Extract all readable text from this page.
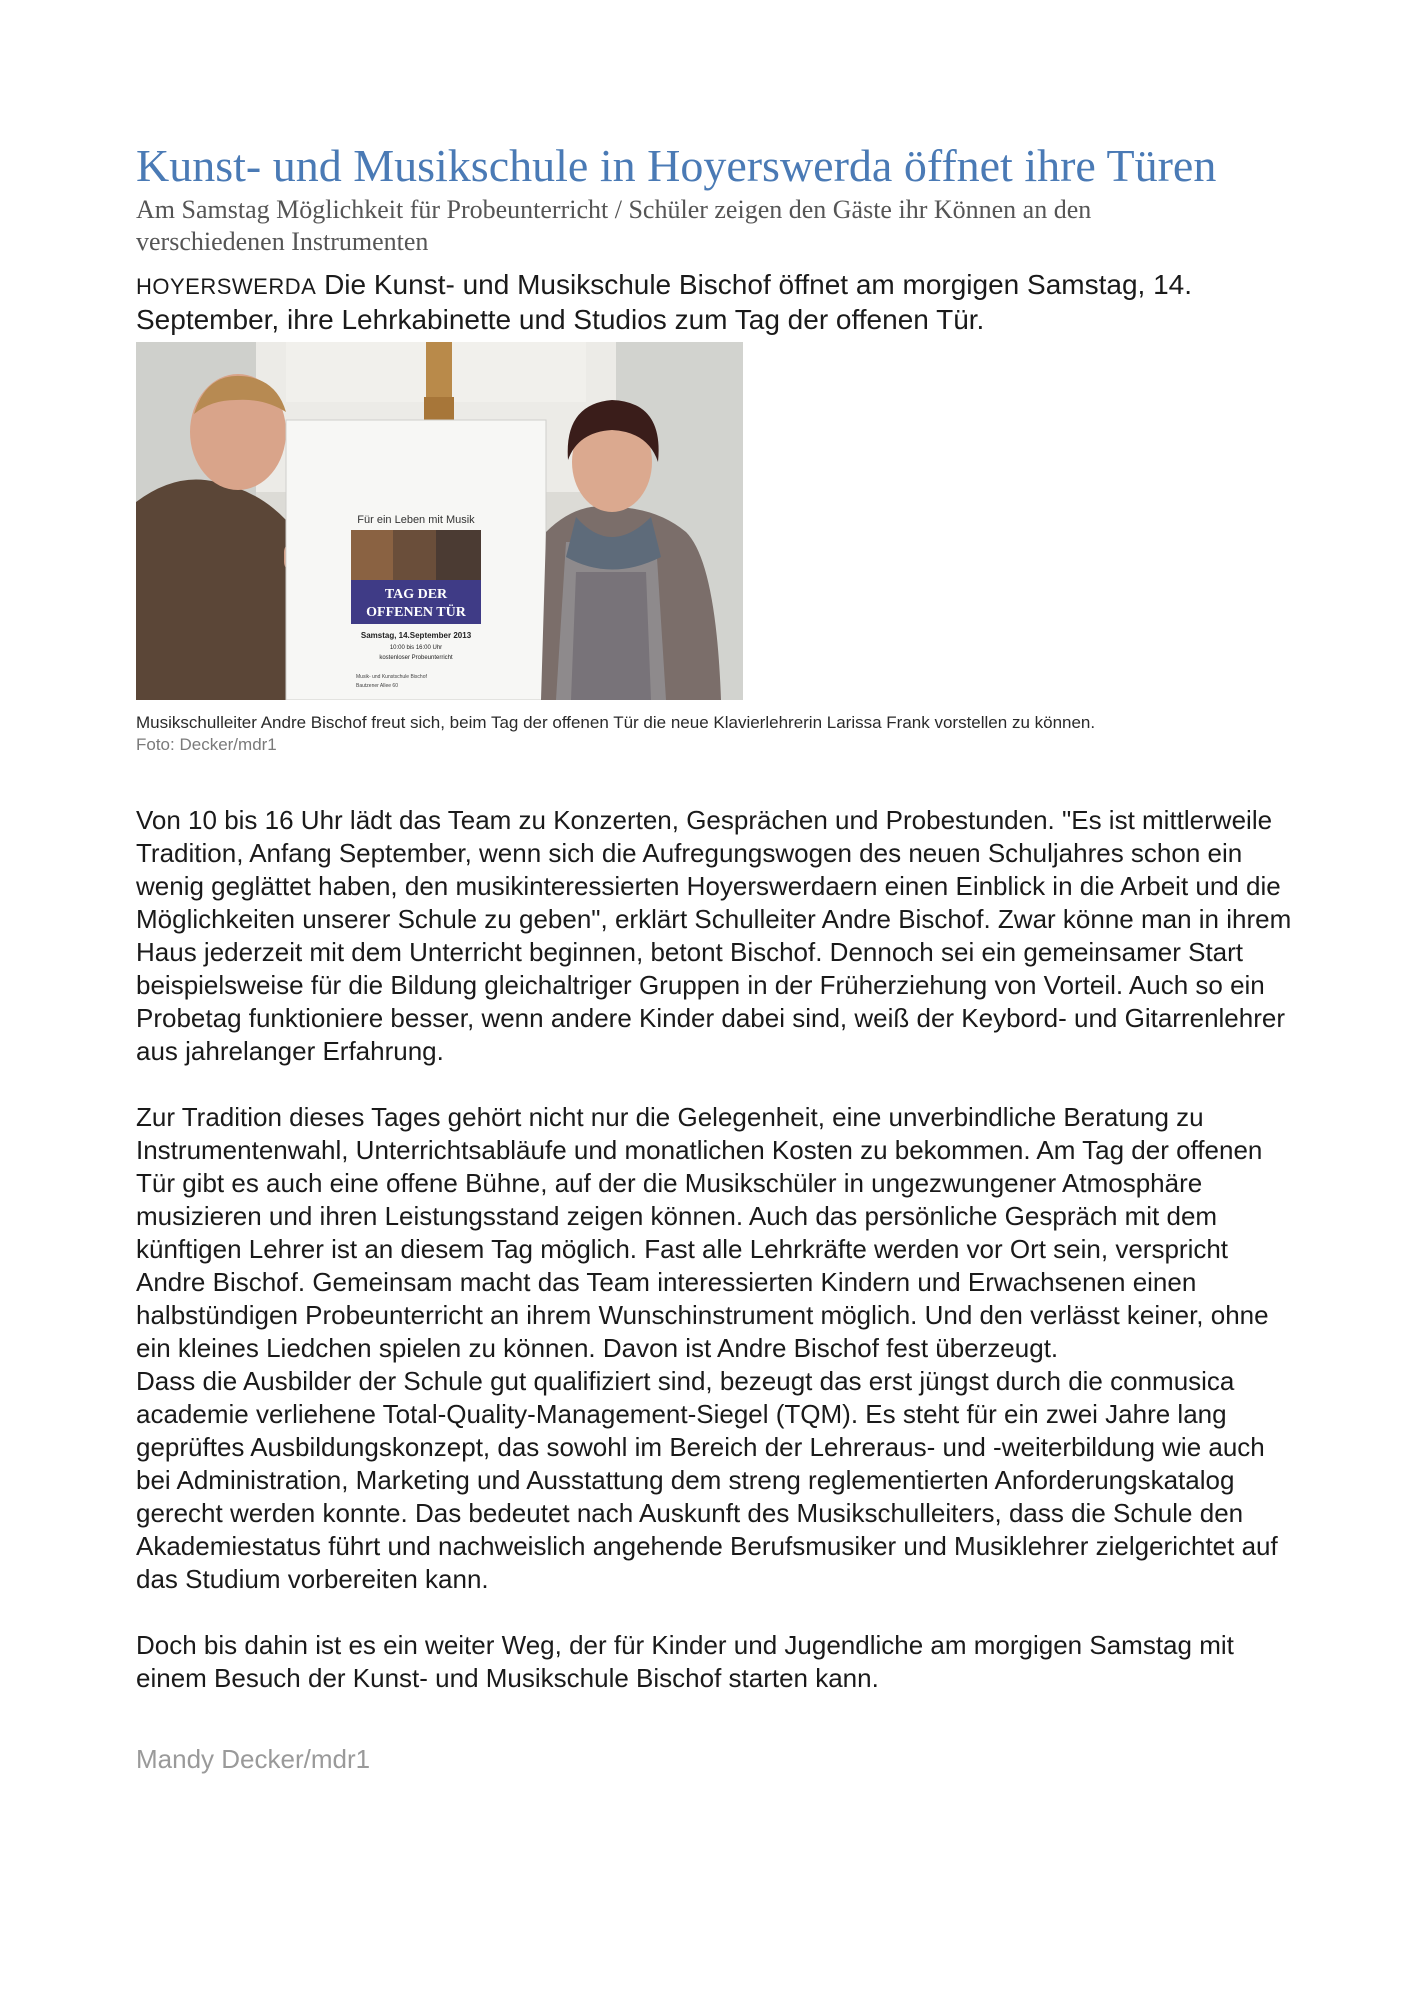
Kunst- und Musikschule in Hoyerswerda öffnet ihre Türen

Am Samstag Möglichkeit für Probeunterricht / Schüler zeigen den Gäste ihr Können an den verschiedenen Instrumenten

HOYERSWERDA Die Kunst- und Musikschule Bischof öffnet am morgigen Samstag, 14. September, ihre Lehrkabinette und Studios zum Tag der offenen Tür.

Für ein Leben mit Musik
TAG DER
OFFENEN TÜR
Samstag, 14.September 2013
10:00 bis 16:00 Uhr
kostenloser Probeunterricht
Musik- und Kunstschule Bischof
Bautzener Allee 60

Musikschulleiter Andre Bischof freut sich, beim Tag der offenen Tür die neue Klavierlehrerin Larissa Frank vorstellen zu können.

Foto: Decker/mdr1

Von 10 bis 16 Uhr lädt das Team zu Konzerten, Gesprächen und Probestunden. "Es ist mittlerweile Tradition, Anfang September, wenn sich die Aufregungswogen des neuen Schuljahres schon ein wenig geglättet haben, den musikinteressierten Hoyerswerdaern einen Einblick in die Arbeit und die Möglichkeiten unserer Schule zu geben", erklärt Schulleiter Andre Bischof. Zwar könne man in ihrem Haus jederzeit mit dem Unterricht beginnen, betont Bischof. Dennoch sei ein gemeinsamer Start beispielsweise für die Bildung gleichaltriger Gruppen in der Früherziehung von Vorteil. Auch so ein Probetag funktioniere besser, wenn andere Kinder dabei sind, weiß der Keybord- und Gitarrenlehrer aus jahrelanger Erfahrung.

Zur Tradition dieses Tages gehört nicht nur die Gelegenheit, eine unverbindliche Beratung zu Instrumentenwahl, Unterrichtsabläufe und monatlichen Kosten zu bekommen. Am Tag der offenen Tür gibt es auch eine offene Bühne, auf der die Musikschüler in ungezwungener Atmosphäre musizieren und ihren Leistungsstand zeigen können. Auch das persönliche Gespräch mit dem künftigen Lehrer ist an diesem Tag möglich. Fast alle Lehrkräfte werden vor Ort sein, verspricht Andre Bischof. Gemeinsam macht das Team interessierten Kindern und Erwachsenen einen halbstündigen Probeunterricht an ihrem Wunschinstrument möglich. Und den verlässt keiner, ohne ein kleines Liedchen spielen zu können. Davon ist Andre Bischof fest überzeugt.

Dass die Ausbilder der Schule gut qualifiziert sind, bezeugt das erst jüngst durch die conmusica academie verliehene Total-Quality-Management-Siegel (TQM). Es steht für ein zwei Jahre lang geprüftes Ausbildungskonzept, das sowohl im Bereich der Lehreraus- und -weiterbildung wie auch bei Administration, Marketing und Ausstattung dem streng reglementierten Anforderungskatalog gerecht werden konnte. Das bedeutet nach Auskunft des Musikschulleiters, dass die Schule den Akademiestatus führt und nachweislich angehende Berufsmusiker und Musiklehrer zielgerichtet auf das Studium vorbereiten kann.

Doch bis dahin ist es ein weiter Weg, der für Kinder und Jugendliche am morgigen Samstag mit einem Besuch der Kunst- und Musikschule Bischof starten kann.

Mandy Decker/mdr1
